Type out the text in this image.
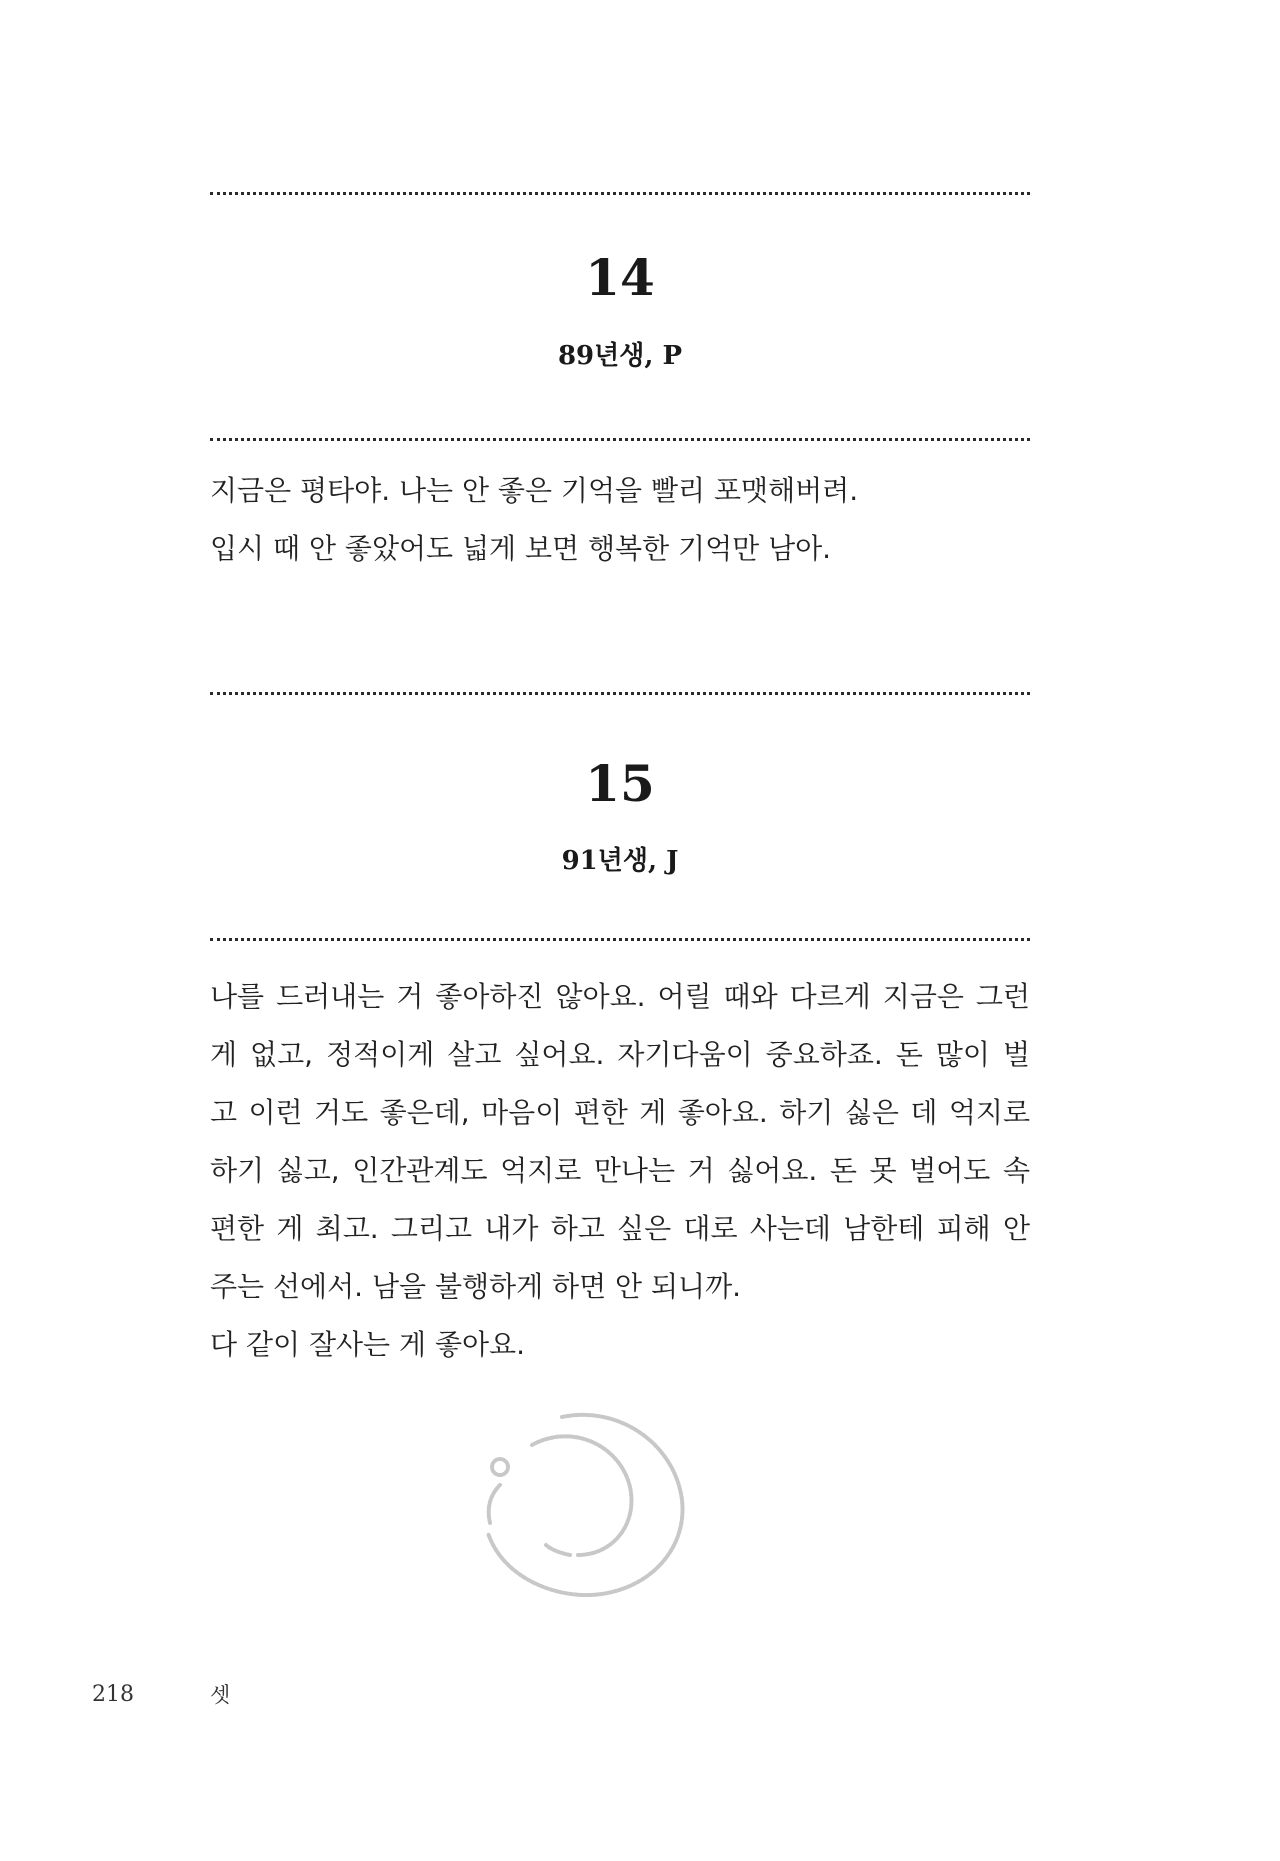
14
89년생, P
지금은 평타야. 나는 안 좋은 기억을 빨리 포맷해버려.
입시 때 안 좋았어도 넓게 보면 행복한 기억만 남아.
15
91년생, J
나를 드러내는 거 좋아하진 않아요. 어릴 때와 다르게 지금은 그런
게 없고, 정적이게 살고 싶어요. 자기다움이 중요하죠. 돈 많이 벌
고 이런 거도 좋은데, 마음이 편한 게 좋아요. 하기 싫은 데 억지로
하기 싫고, 인간관계도 억지로 만나는 거 싫어요. 돈 못 벌어도 속
편한 게 최고. 그리고 내가 하고 싶은 대로 사는데 남한테 피해 안
주는 선에서. 남을 불행하게 하면 안 되니까.
다 같이 잘사는 게 좋아요.
218	셋
